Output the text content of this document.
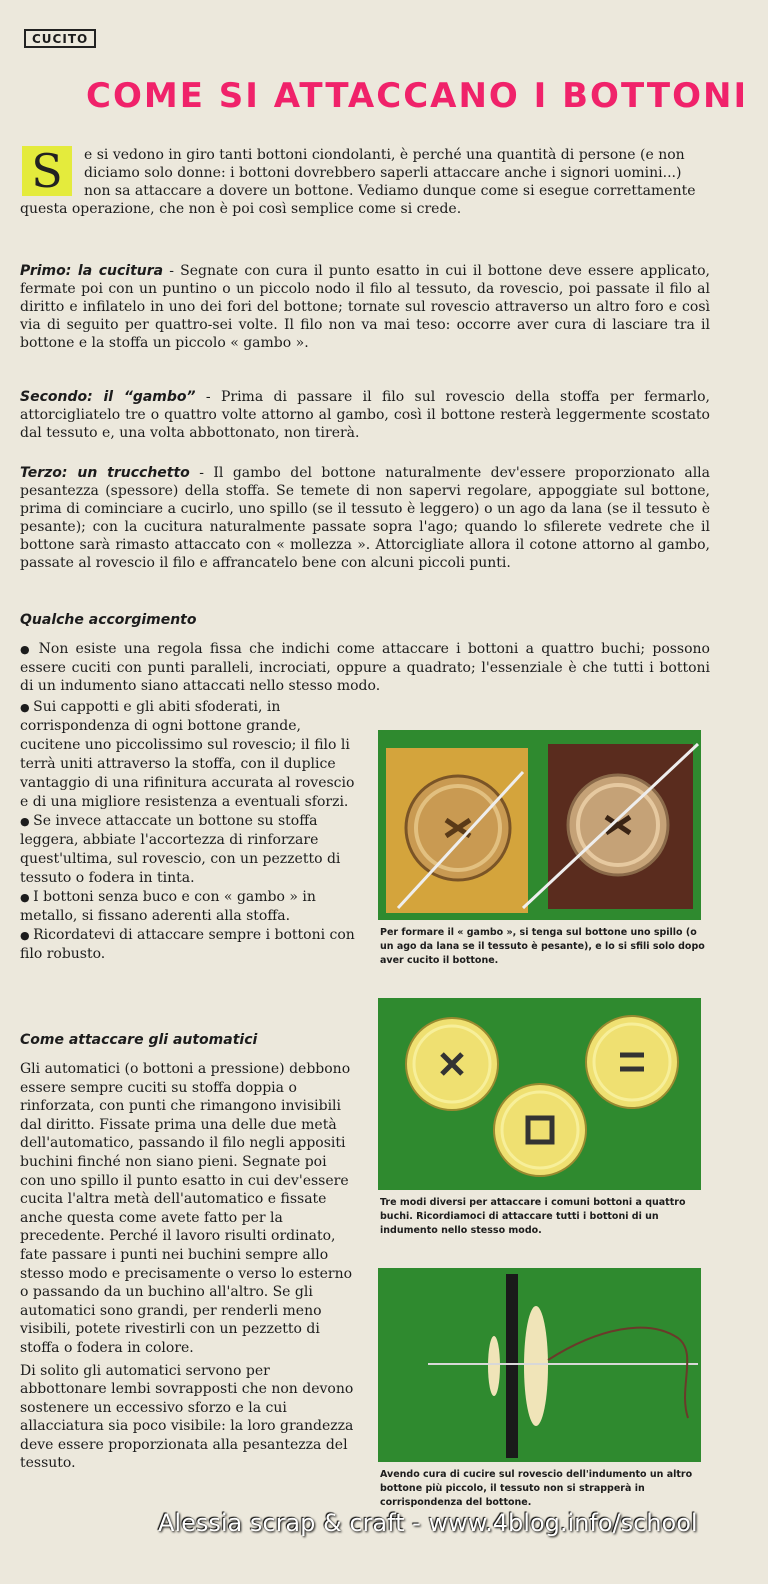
CUCITO
COME SI ATTACCANO I BOTTONI
S	e si vedono in giro tanti bottoni ciondolanti, è perché una quantità di persone (e non diciamo solo donne: i bottoni dovrebbero saperli attaccare anche i signori uomini...) non sa attaccare a dovere un bottone. Vediamo dunque come si esegue correttamente questa operazione, che non è poi così semplice come si crede.
Primo: la cucitura - Segnate con cura il punto esatto in cui il bottone deve essere applicato, fermate poi con un puntino o un piccolo nodo il filo al tessuto, da rovescio, poi passate il filo al diritto e infilatelo in uno dei fori del bottone; tornate sul rovescio attraverso un altro foro e così via di seguito per quattro-sei volte. Il filo non va mai teso: occorre aver cura di lasciare tra il bottone e la stoffa un piccolo « gambo ».
Secondo: il “gambo” - Prima di passare il filo sul rovescio della stoffa per fermarlo, attorcigliatelo tre o quattro volte attorno al gambo, così il bottone resterà leggermente scostato dal tessuto e, una volta abbottonato, non tirerà.
Terzo: un trucchetto - Il gambo del bottone naturalmente dev'essere proporzionato alla pesantezza (spessore) della stoffa. Se temete di non sapervi regolare, appoggiate sul bottone, prima di cominciare a cucirlo, uno spillo (se il tessuto è leggero) o un ago da lana (se il tessuto è pesante); con la cucitura naturalmente passate sopra l'ago; quando lo sfilerete vedrete che il bottone sarà rimasto attaccato con « mollezza ». Attorcigliate allora il cotone attorno al gambo, passate al rovescio il filo e affrancatelo bene con alcuni piccoli punti.
Qualche accorgimento
● Non esiste una regola fissa che indichi come attaccare i bottoni a quattro buchi; possono essere cuciti con punti paralleli, incrociati, oppure a quadrato; l'essenziale è che tutti i bottoni di un indumento siano attaccati nello stesso modo.

● Sui cappotti e gli abiti sfoderati, in corrispondenza di ogni bottone grande, cucitene uno piccolissimo sul rovescio; il filo li terrà uniti attraverso la stoffa, con il duplice vantaggio di una rifinitura accurata al rovescio e di una migliore resistenza a eventuali sforzi.

● Se invece attaccate un bottone su stoffa leggera, abbiate l'accortezza di rinforzare quest'ultima, sul rovescio, con un pezzetto di tessuto o fodera in tinta.

● I bottoni senza buco e con « gambo » in metallo, si fissano aderenti alla stoffa.

● Ricordatevi di attaccare sempre i bottoni con filo robusto.

Come attaccare gli automatici

Gli automatici (o bottoni a pressione) debbono essere sempre cuciti su stoffa doppia o rinforzata, con punti che rimangono invisibili dal diritto. Fissate prima una delle due metà dell'automatico, passando il filo negli appositi buchini finché non siano pieni. Segnate poi con uno spillo il punto esatto in cui dev'essere cucita l'altra metà dell'automatico e fissate anche questa come avete fatto per la precedente. Perché il lavoro risulti ordinato, fate passare i punti nei buchini sempre allo stesso modo e precisamente o verso lo esterno o passando da un buchino all'altro. Se gli automatici sono grandi, per renderli meno visibili, potete rivestirli con un pezzetto di stoffa o fodera in colore.

Di solito gli automatici servono per abbottonare lembi sovrapposti che non devono sostenere un eccessivo sforzo e la cui allacciatura sia poco visibile: la loro grandezza deve essere proporzionata alla pesantezza del tessuto.

Per formare il « gambo », si tenga sul bottone uno spillo (o un ago da lana se il tessuto è pesante), e lo si sfili solo dopo aver cucito il bottone.
Tre modi diversi per attaccare i comuni bottoni a quattro buchi. Ricordiamoci di attaccare tutti i bottoni di un indumento nello stesso modo.
Avendo cura di cucire sul rovescio dell'indumento un altro bottone più piccolo, il tessuto non si strapperà in corrispondenza del bottone.
Alessia scrap & craft - www.4blog.info/school
